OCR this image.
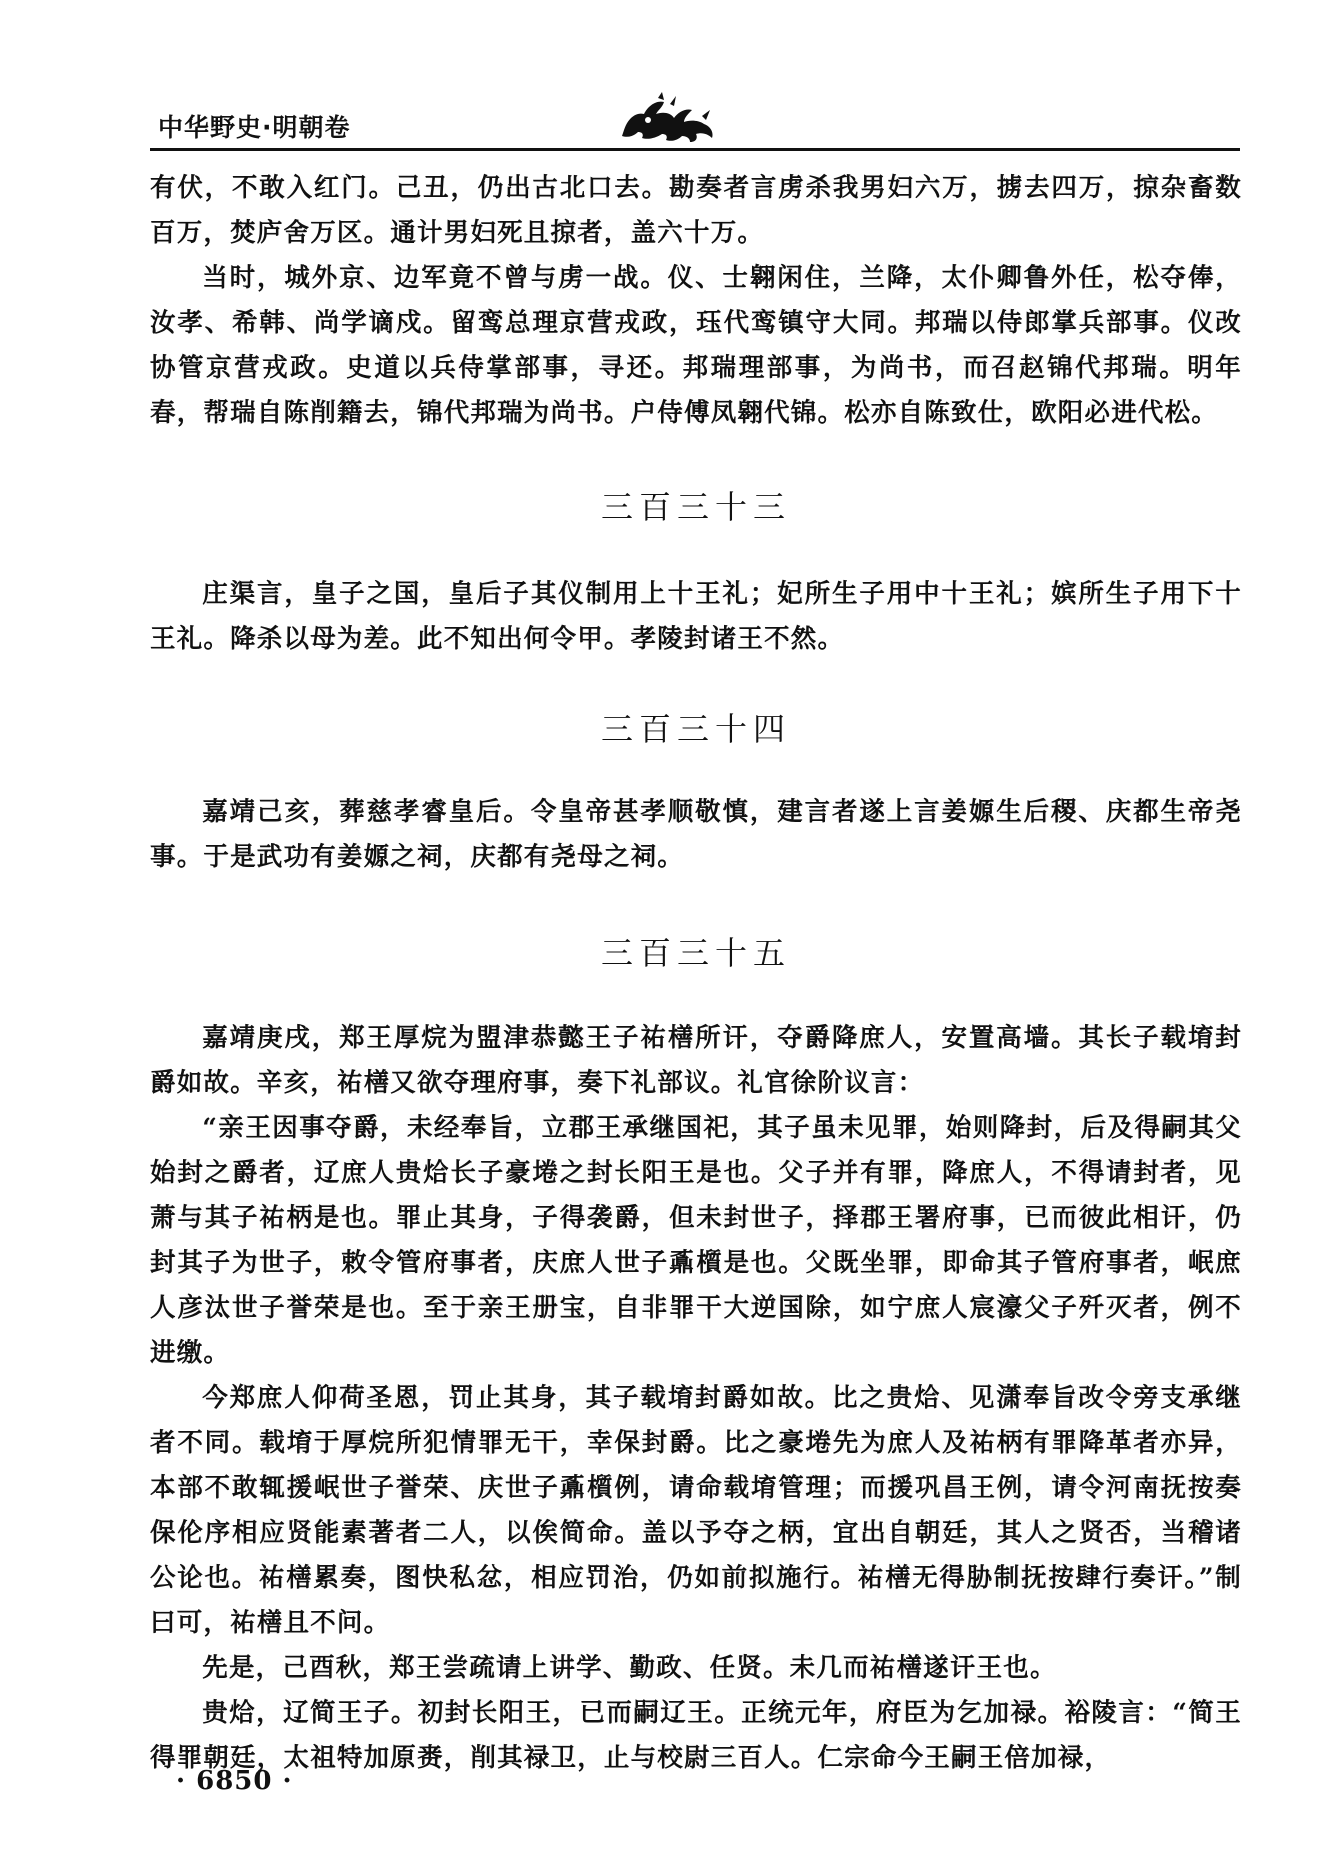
中华野史·明朝卷

有伏，不敢入红门。己丑，仍出古北口去。勘奏者言虏杀我男妇六万，掳去四万，掠杂畜数百万，焚庐舍万区。通计男妇死且掠者，盖六十万。

当时，城外京、边军竟不曾与虏一战。仪、士翱闲住，兰降，太仆卿鲁外任，松夺俸，汝孝、希韩、尚学谪戍。留鸾总理京营戎政，珏代鸾镇守大同。邦瑞以侍郎掌兵部事。仪改协管京营戎政。史道以兵侍掌部事，寻还。邦瑞理部事，为尚书，而召赵锦代邦瑞。明年春，帮瑞自陈削籍去，锦代邦瑞为尚书。户侍傅凤翱代锦。松亦自陈致仕，欧阳必进代松。

三百三十三

庄渠言，皇子之国，皇后子其仪制用上十王礼；妃所生子用中十王礼；嫔所生子用下十王礼。降杀以母为差。此不知出何令甲。孝陵封诸王不然。

三百三十四

嘉靖己亥，葬慈孝睿皇后。令皇帝甚孝顺敬慎，建言者遂上言姜嫄生后稷、庆都生帝尧事。于是武功有姜嫄之祠，庆都有尧母之祠。

三百三十五

嘉靖庚戌，郑王厚烷为盟津恭懿王子祐橏所讦，夺爵降庶人，安置高墙。其长子载堉封爵如故。辛亥，祐橏又欲夺理府事，奏下礼部议。礼官徐阶议言：

“亲王因事夺爵，未经奉旨，立郡王承继国祀，其子虽未见罪，始则降封，后及得嗣其父始封之爵者，辽庶人贵烚长子豪埢之封长阳王是也。父子并有罪，降庶人，不得请封者，见萧与其子祐柄是也。罪止其身，子得袭爵，但未封世子，择郡王署府事，已而彼此相讦，仍封其子为世子，敕令管府事者，庆庶人世子鼒櫍是也。父既坐罪，即命其子管府事者，岷庶人彦汰世子誉荣是也。至于亲王册宝，自非罪干大逆国除，如宁庶人宸濠父子歼灭者，例不进缴。

今郑庶人仰荷圣恩，罚止其身，其子载堉封爵如故。比之贵烚、见潇奉旨改令旁支承继者不同。载堉于厚烷所犯情罪无干，幸保封爵。比之豪埢先为庶人及祐柄有罪降革者亦异，本部不敢辄援岷世子誉荣、庆世子鼒櫍例，请命载堉管理；而援巩昌王例，请令河南抚按奏保伦序相应贤能素著者二人，以俟简命。盖以予夺之柄，宜出自朝廷，其人之贤否，当稽诸公论也。祐橏累奏，图快私忿，相应罚治，仍如前拟施行。祐橏无得胁制抚按肆行奏讦。”制曰可，祐橏且不问。

先是，己酉秋，郑王尝疏请上讲学、勤政、任贤。未几而祐橏遂讦王也。

贵烚，辽简王子。初封长阳王，已而嗣辽王。正统元年，府臣为乞加禄。裕陵言：“简王得罪朝廷，太祖特加原赉，削其禄卫，止与校尉三百人。仁宗命今王嗣王倍加禄，

· 6850 ·
